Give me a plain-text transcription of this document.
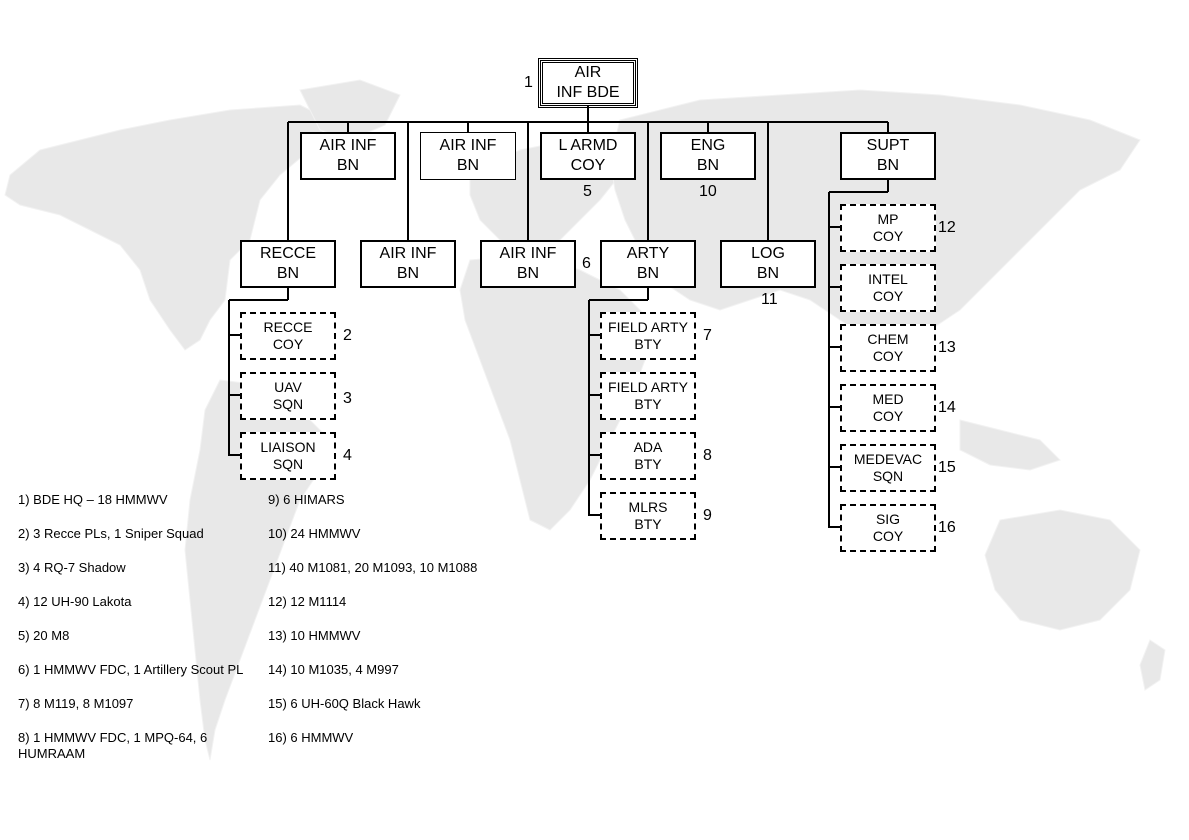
AIR
INF BDE
1
AIR INF
BN
AIR INF
BN
L ARMD
COY
5
ENG
BN
10
SUPT
BN
RECCE
BN
AIR INF
BN
AIR INF
BN
6
ARTY
BN
LOG
BN
11
RECCE
COY	2
UAV
SQN	3
LIAISON
SQN	4
FIELD ARTY
BTY	7
FIELD ARTY
BTY
ADA
BTY	8
MLRS
BTY	9
MP
COY	12
INTEL
COY
CHEM
COY	13
MED
COY	14
MEDEVAC
SQN	15
SIG
COY	16
1) BDE HQ – 18 HMMWV
2) 3 Recce PLs, 1 Sniper Squad
3) 4 RQ-7 Shadow
4) 12 UH-90 Lakota
5) 20 M8
6) 1 HMMWV FDC, 1 Artillery Scout PL
7) 8 M119, 8 M1097
8) 1 HMMWV FDC, 1 MPQ-64, 6
HUMRAAM
9) 6 HIMARS
10) 24 HMMWV
11) 40 M1081, 20 M1093, 10 M1088
12) 12 M1114
13) 10 HMMWV
14) 10 M1035, 4 M997
15) 6 UH-60Q Black Hawk
16) 6 HMMWV
